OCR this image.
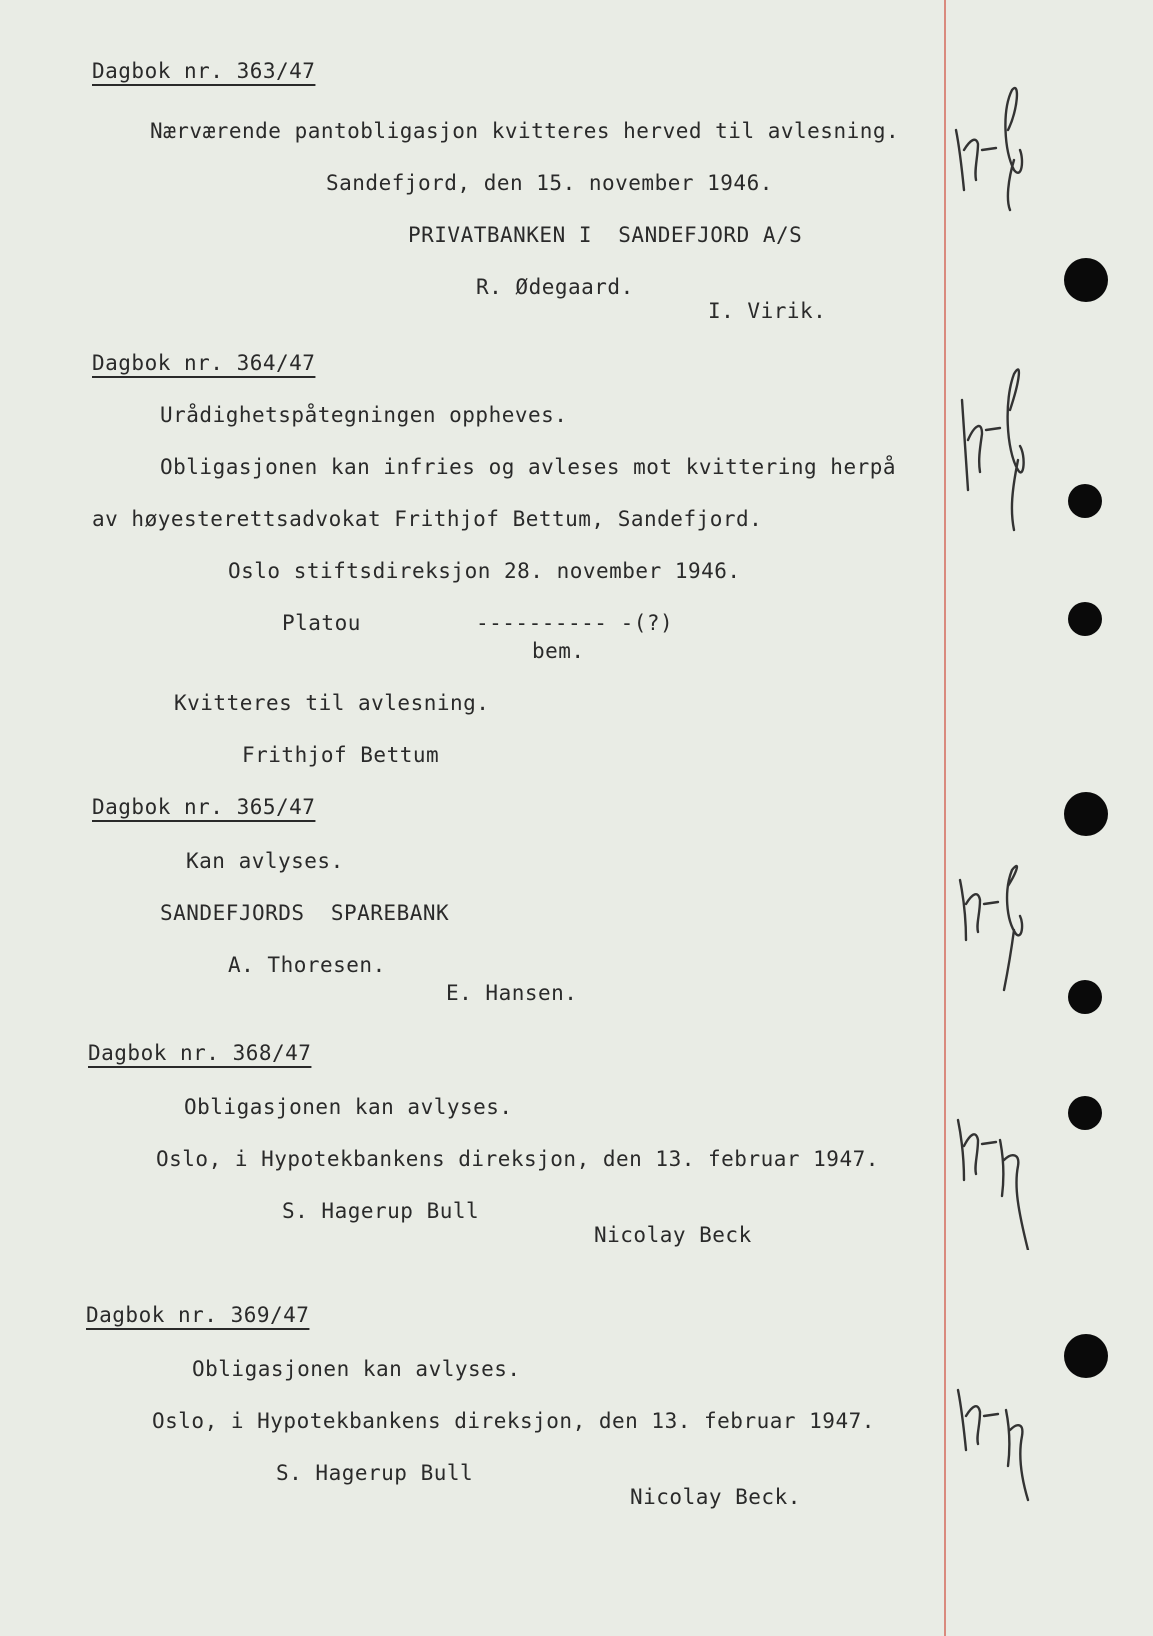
Dagbok nr. 363/47
Nærværende pantobligasjon kvitteres herved til avlesning.
Sandefjord, den 15. november 1946.
PRIVATBANKEN I  SANDEFJORD A/S
R. Ødegaard.
I. Virik.
Dagbok nr. 364/47
Urådighetspåtegningen oppheves.
Obligasjonen kan infries og avleses mot kvittering herpå
av høyesterettsadvokat Frithjof Bettum, Sandefjord.
Oslo stiftsdireksjon 28. november 1946.
Platou	---------- -(?)
bem.
Kvitteres til avlesning.
Frithjof Bettum
Dagbok nr. 365/47
Kan avlyses.
SANDEFJORDS  SPAREBANK
A. Thoresen.
E. Hansen.
Dagbok nr. 368/47
Obligasjonen kan avlyses.
Oslo, i Hypotekbankens direksjon, den 13. februar 1947.
S. Hagerup Bull
Nicolay Beck
Dagbok nr. 369/47
Obligasjonen kan avlyses.
Oslo, i Hypotekbankens direksjon, den 13. februar 1947.
S. Hagerup Bull
Nicolay Beck.
